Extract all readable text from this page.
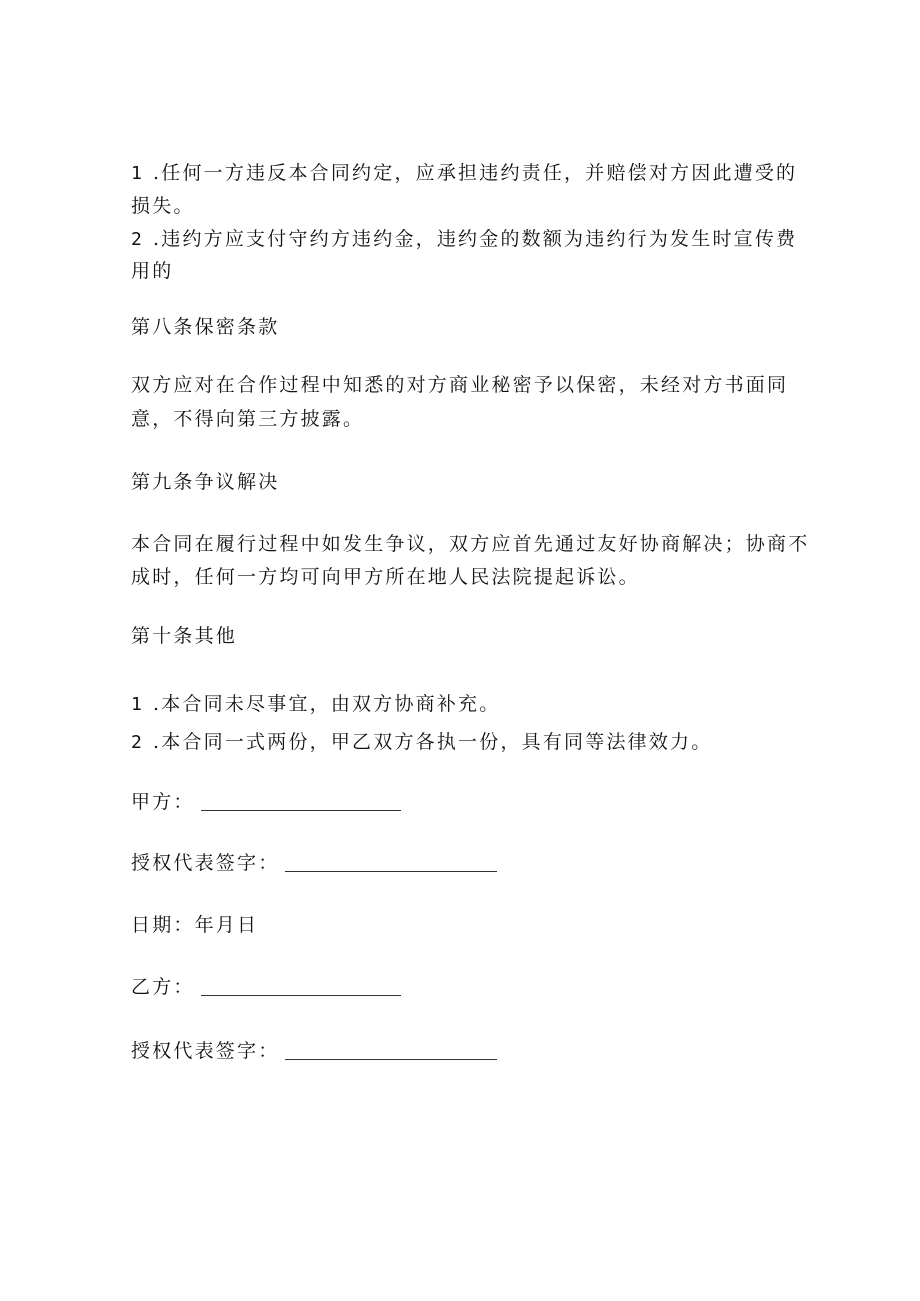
1 .任何一方违反本合同约定，应承担违约责任，并赔偿对方因此遭受的
损失。
2 .违约方应支付守约方违约金，违约金的数额为违约行为发生时宣传费
用的
第八条保密条款
双方应对在合作过程中知悉的对方商业秘密予以保密，未经对方书面同
意，不得向第三方披露。
第九条争议解决
本合同在履行过程中如发生争议，双方应首先通过友好协商解决；协商不
成时，任何一方均可向甲方所在地人民法院提起诉讼。
第十条其他
1 .本合同未尽事宜，由双方协商补充。
2 .本合同一式两份，甲乙双方各执一份，具有同等法律效力。
甲方：
授权代表签字：
日期：年月日
乙方：
授权代表签字：
